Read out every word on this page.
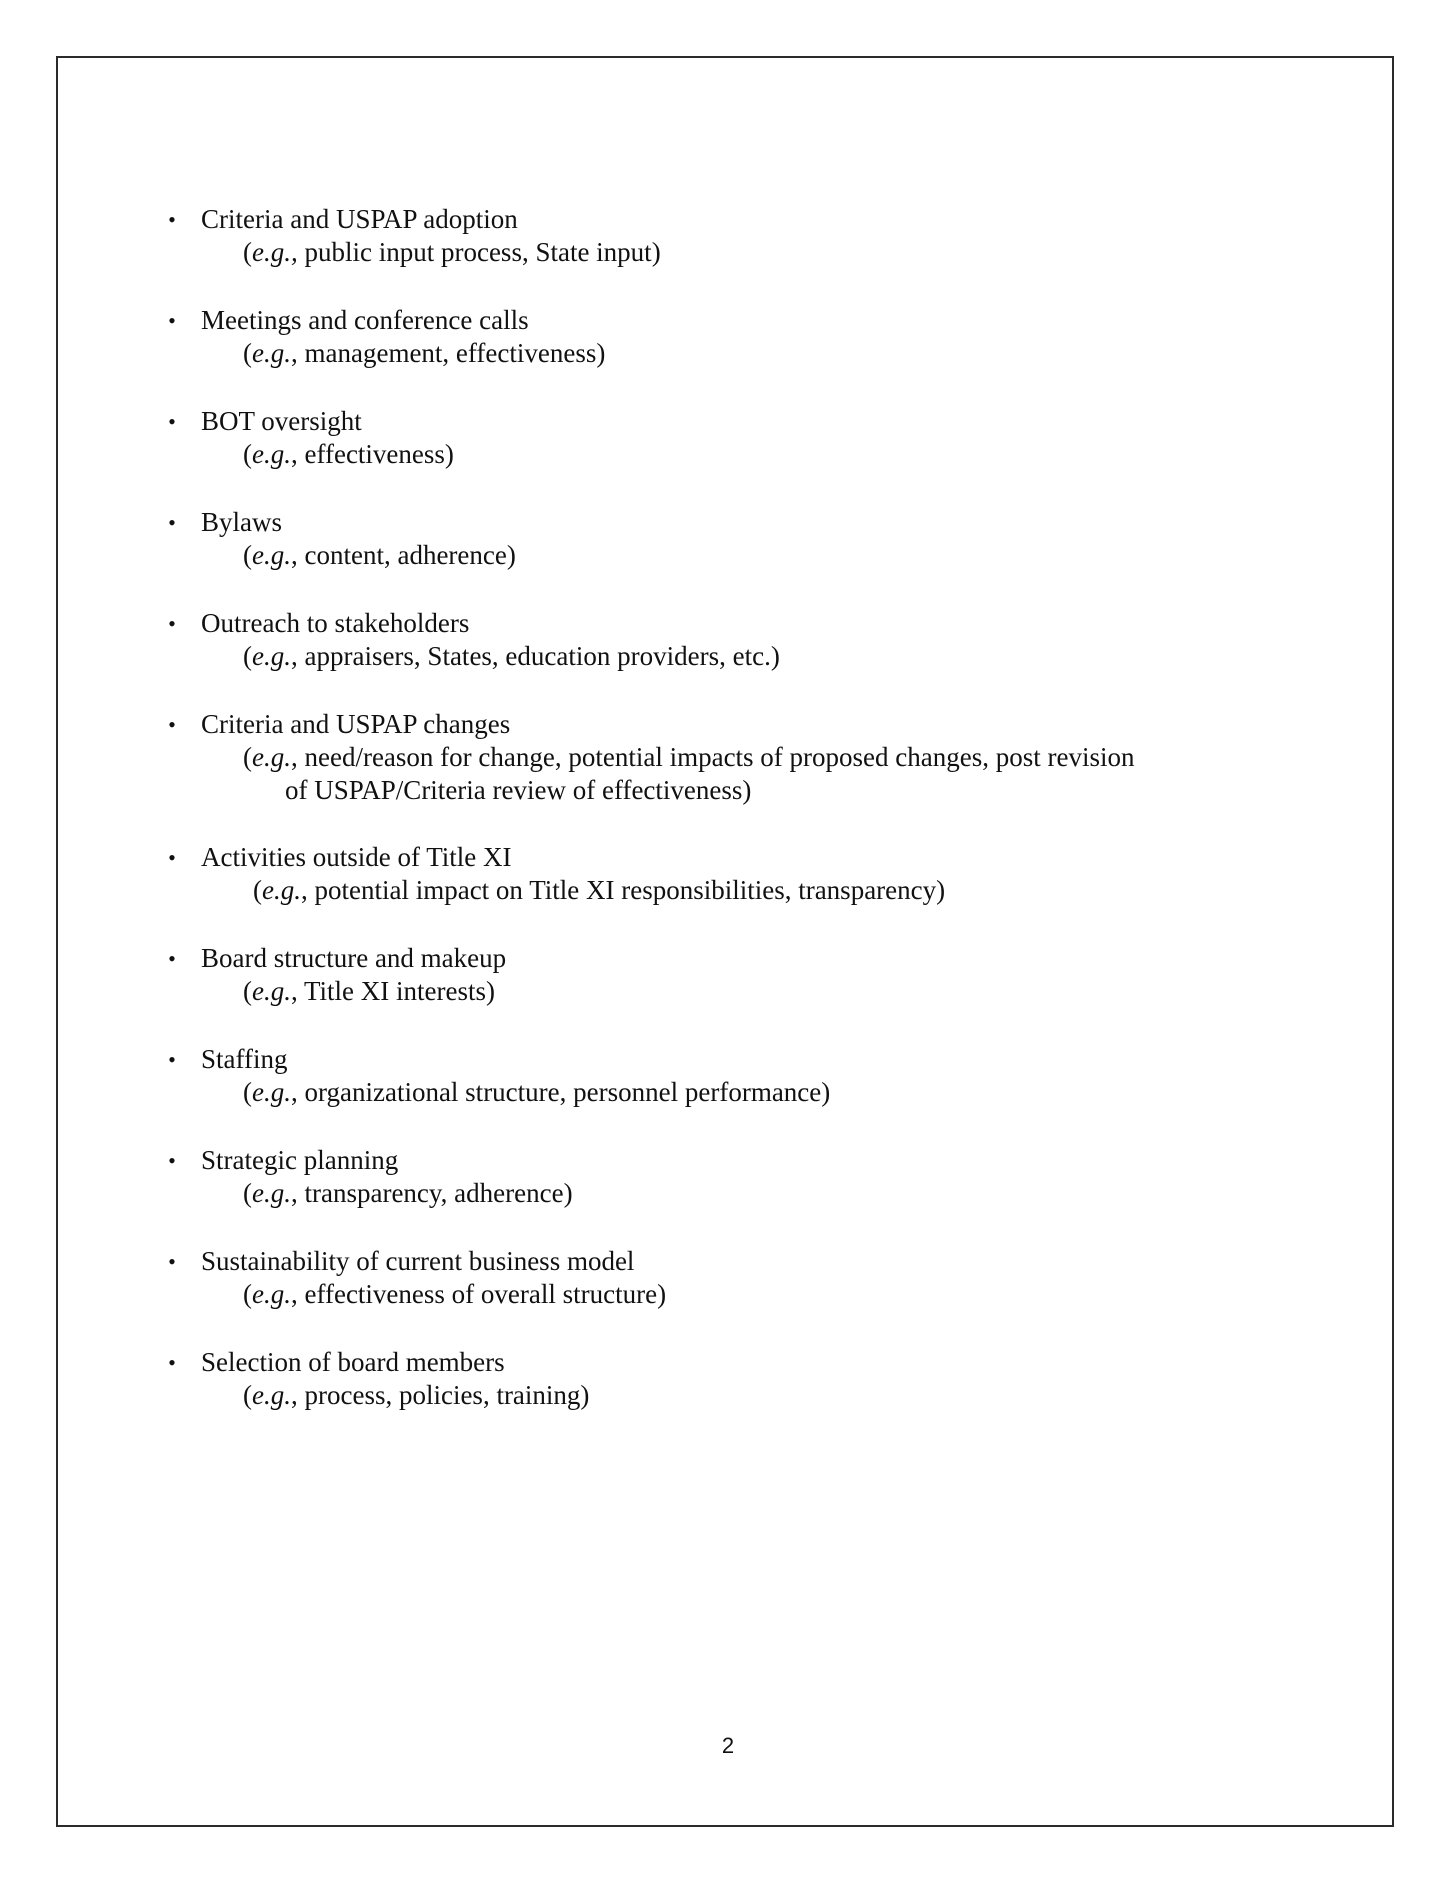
• Criteria and USPAP adoption
(e.g., public input process, State input)
• Meetings and conference calls
(e.g., management, effectiveness)
• BOT oversight
(e.g., effectiveness)
• Bylaws
(e.g., content, adherence)
• Outreach to stakeholders
(e.g., appraisers, States, education providers, etc.)
• Criteria and USPAP changes
(e.g., need/reason for change, potential impacts of proposed changes, post revision
of USPAP/Criteria review of effectiveness)
• Activities outside of Title XI
(e.g., potential impact on Title XI responsibilities, transparency)
• Board structure and makeup
(e.g., Title XI interests)
• Staffing
(e.g., organizational structure, personnel performance)
• Strategic planning
(e.g., transparency, adherence)
• Sustainability of current business model
(e.g., effectiveness of overall structure)
• Selection of board members
(e.g., process, policies, training)
2
